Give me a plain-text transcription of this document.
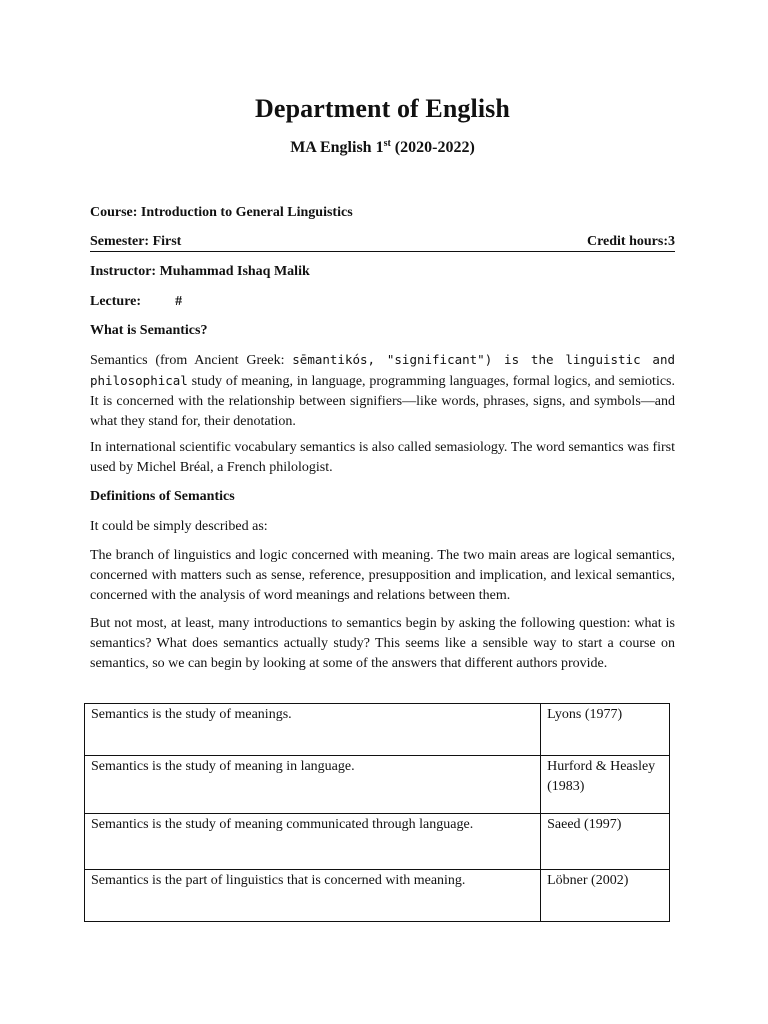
Department of English
MA English 1st (2020-2022)
Course: Introduction to General Linguistics
Semester: First	Credit hours:3
Instructor: Muhammad Ishaq Malik
Lecture: #
What is Semantics?

Semantics (from Ancient Greek: sēmantikós, "significant") is the linguistic and philosophical study of meaning, in language, programming languages, formal logics, and semiotics. It is concerned with the relationship between signifiers—like words, phrases, signs, and symbols—and what they stand for, their denotation.

In international scientific vocabulary semantics is also called semasiology. The word semantics was first used by Michel Bréal, a French philologist.

Definitions of Semantics

It could be simply described as:

The branch of linguistics and logic concerned with meaning. The two main areas are logical semantics, concerned with matters such as sense, reference, presupposition and implication, and lexical semantics, concerned with the analysis of word meanings and relations between them.

But not most, at least, many introductions to semantics begin by asking the following question: what is semantics? What does semantics actually study? This seems like a sensible way to start a course on semantics, so we can begin by looking at some of the answers that different authors provide.

Semantics is the study of meanings.	Lyons (1977)
Semantics is the study of meaning in language.	Hurford & Heasley (1983)
Semantics is the study of meaning communicated through language.	Saeed (1997)
Semantics is the part of linguistics that is concerned with meaning.	Löbner (2002)
